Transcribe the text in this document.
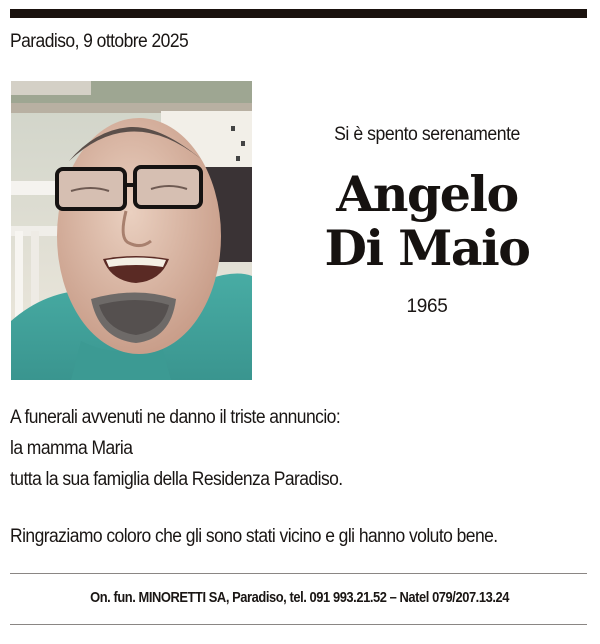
Paradiso, 9 ottobre 2025
Si è spento serenamente
Angelo
Di Maio
1965
A funerali avvenuti ne danno il triste annuncio:
la mamma Maria
tutta la sua famiglia della Residenza Paradiso.
Ringraziamo coloro che gli sono stati vicino e gli hanno voluto bene.
On. fun. MINORETTI SA, Paradiso, tel. 091 993.21.52 – Natel 079/207.13.24
